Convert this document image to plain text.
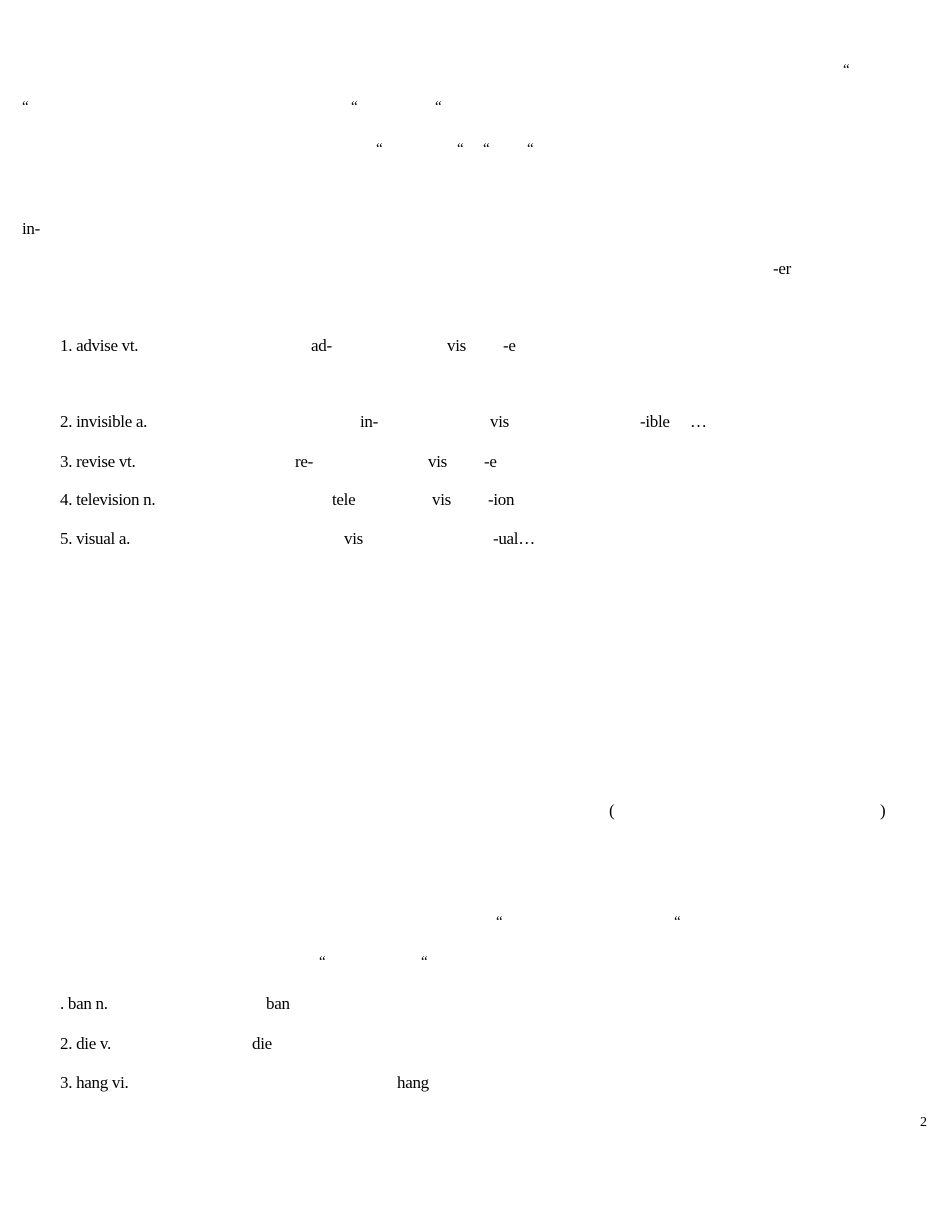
“
“	“	“
“	“ “	“
in-
-er
1. advise vt.	ad-	vis -e
2. invisible a.	in-	vis	-ible …
3. revise vt.	re-	vis -e
4. television n.	tele	vis -ion
5. visual a.	vis	-ual…
(	)
“	“
“	“
. ban n.	ban
2. die v.	die
3. hang vi.	hang
2
